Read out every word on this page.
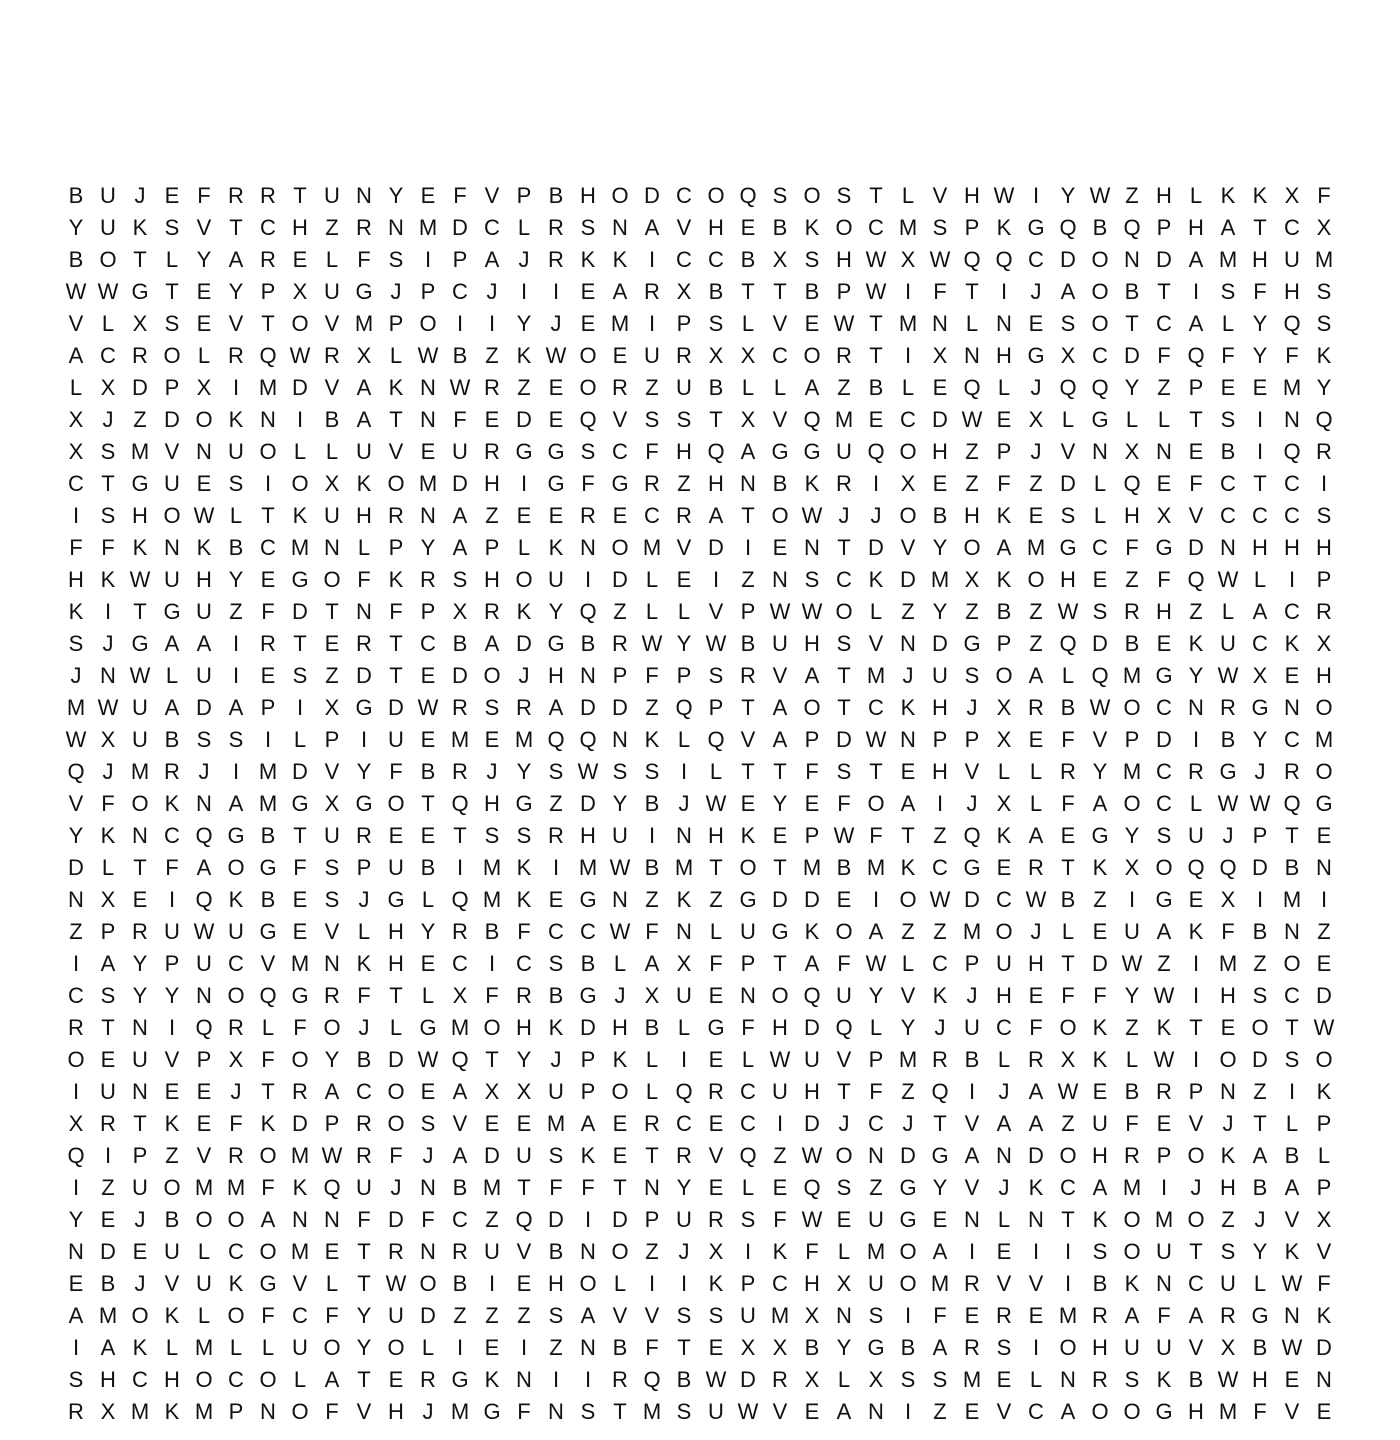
B U J E F R R T U N Y E F V P B H O D C O Q S O S T L V H W I Y W Z H L K K X F
Y U K S V T C H Z R N M D C L R S N A V H E B K O C M S P K G Q B Q P H A T C X
B O T L Y A R E L F S I P A J R K K I C C B X S H W X W Q Q C D O N D A M H U M
W W G T E Y P X U G J P C J	I	I E A R X B T T B P W I	F T	I	J A O B T	I S F H S
V L X S E V T O V M P O I	I Y J E M I P S L V E W T M N L N E S O T C A L Y Q S
A C R O L R Q W R X L W B Z K W O E U R X X C O R T	I X N H G X C D F Q F Y F K
L X D P X I M D V A K N W R Z E O R Z U B L L A Z B L E Q L J Q Q Y Z P E E M Y
X J Z D O K N I B A T N F E D E Q V S S T X V Q M E C D W E X L G L L T S I N Q
X S M V N U O L L U V E U R G G S C F H Q A G G U Q O H Z P J V N X N E B I Q R
C T G U E S I O X K O M D H I G F G R Z H N B K R I X E Z F Z D L Q E F C T C I
I S H O W L T K U H R N A Z E E R E C R A T O W J J O B H K E S L H X V C C C S
F F K N K B C M N L P Y A P L K N O M V D I E N T D V Y O A M G C F G D N H H H
H K W U H Y E G O F K R S H O U I D L E I	Z N S C K D M X K O H E Z F Q W L	I P
K I	T G U Z F D T N F P X R K Y Q Z L L V P W W O L Z Y Z B Z W S R H Z L A C R
S J G A A I R T E R T C B A D G B R W Y W B U H S V N D G P Z Q D B E K U C K X
J N W L U I E S Z D T E D O J H N P F P S R V A T M J U S O A L Q M G Y W X E H
M W U A D A P I X G D W R S R A D D Z Q P T A O T C K H J X R B W O C N R G N O
W X U B S S I	L P I U E M E M Q Q N K L Q V A P D W N P P X E F V P D I B Y C M
Q J M R J	I M D V Y F B R J Y S W S S I	L T T F S T E H V L L R Y M C R G J R O
V F O K N A M G X G O T Q H G Z D Y B J W E Y E F O A I	J X L F A O C L W W Q G
Y K N C Q G B T U R E E T S S R H U I N H K E P W F T Z Q K A E G Y S U J P T E
D L T F A O G F S P U B I M K I M W B M T O T M B M K C G E R T K X O Q Q D B N
N X E I Q K B E S J G L Q M K E G N Z K Z G D D E I O W D C W B Z	I G E X I M I
Z P R U W U G E V L H Y R B F C C W F N L U G K O A Z Z M O J L E U A K F B N Z
I A Y P U C V M N K H E C I C S B L A X F P T A F W L C P U H T D W Z	I M Z O E
C S Y Y N O Q G R F T L X F R B G J X U E N O Q U Y V K J H E F F Y W I H S C D
R T N I Q R L F O J L G M O H K D H B L G F H D Q L Y J U C F O K Z K T E O T W
O E U V P X F O Y B D W Q T Y J P K L	I E L W U V P M R B L R X K L W I O D S O
I U N E E J T R A C O E A X X U P O L Q R C U H T F Z Q I	J A W E B R P N Z	I K
X R T K E F K D P R O S V E E M A E R C E C I D J C J T V A A Z U F E V J T L P
Q I P Z V R O M W R F J A D U S K E T R V Q Z W O N D G A N D O H R P O K A B L
I	Z U O M M F K Q U J N B M T F F T N Y E L E Q S Z G Y V J K C A M I	J H B A P
Y E J B O O A N N F D F C Z Q D I D P U R S F W E U G E N L N T K O M O Z J V X
N D E U L C O M E T R N R U V B N O Z J X I K F L M O A I E I	I S O U T S Y K V
E B J V U K G V L T W O B I E H O L	I	I K P C H X U O M R V V I B K N C U L W F
A M O K L O F C F Y U D Z Z Z S A V V S S U M X N S I	F E R E M R A F A R G N K
I A K L M L L U O Y O L	I E I	Z N B F T E X X B Y G B A R S I O H U U V X B W D
S H C H O C O L A T E R G K N I	I R Q B W D R X L X S S M E L N R S K B W H E N
R X M K M P N O F V H J M G F N S T M S U W V E A N I	Z E V C A O O G H M F V E
